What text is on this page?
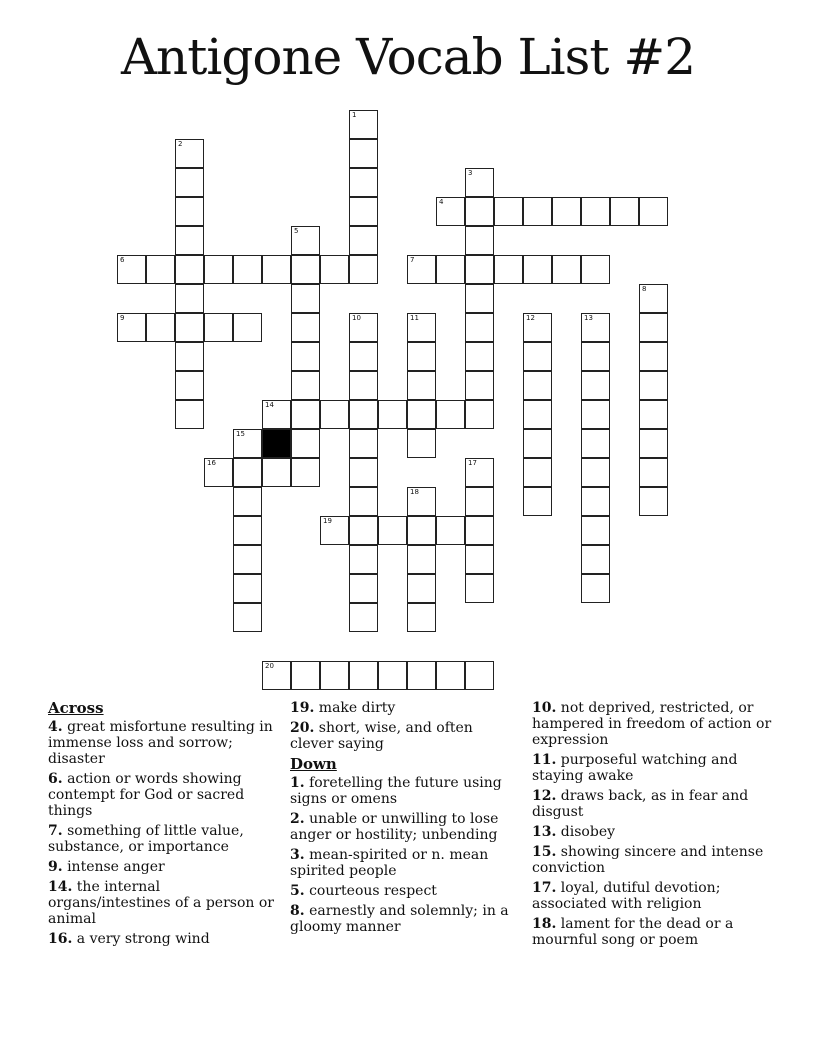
Antigone Vocab List #2
1
2
3
4
5
6	7
8
9	10	11	12	13
14
15
16	17
18
19
20
Across
4. great misfortune resulting in immense loss and sorrow; disaster
6. action or words showing contempt for God or sacred things
7. something of little value, substance, or importance
9. intense anger
14. the internal organs/intestines of a person or animal
16. a very strong wind
19. make dirty
20. short, wise, and often clever saying
Down
1. foretelling the future using signs or omens
2. unable or unwilling to lose anger or hostility; unbending
3. mean-spirited or n. mean spirited people
5. courteous respect
8. earnestly and solemnly; in a gloomy manner
10. not deprived, restricted, or hampered in freedom of action or expression
11. purposeful watching and staying awake
12. draws back, as in fear and disgust
13. disobey
15. showing sincere and intense conviction
17. loyal, dutiful devotion; associated with religion
18. lament for the dead or a mournful song or poem
